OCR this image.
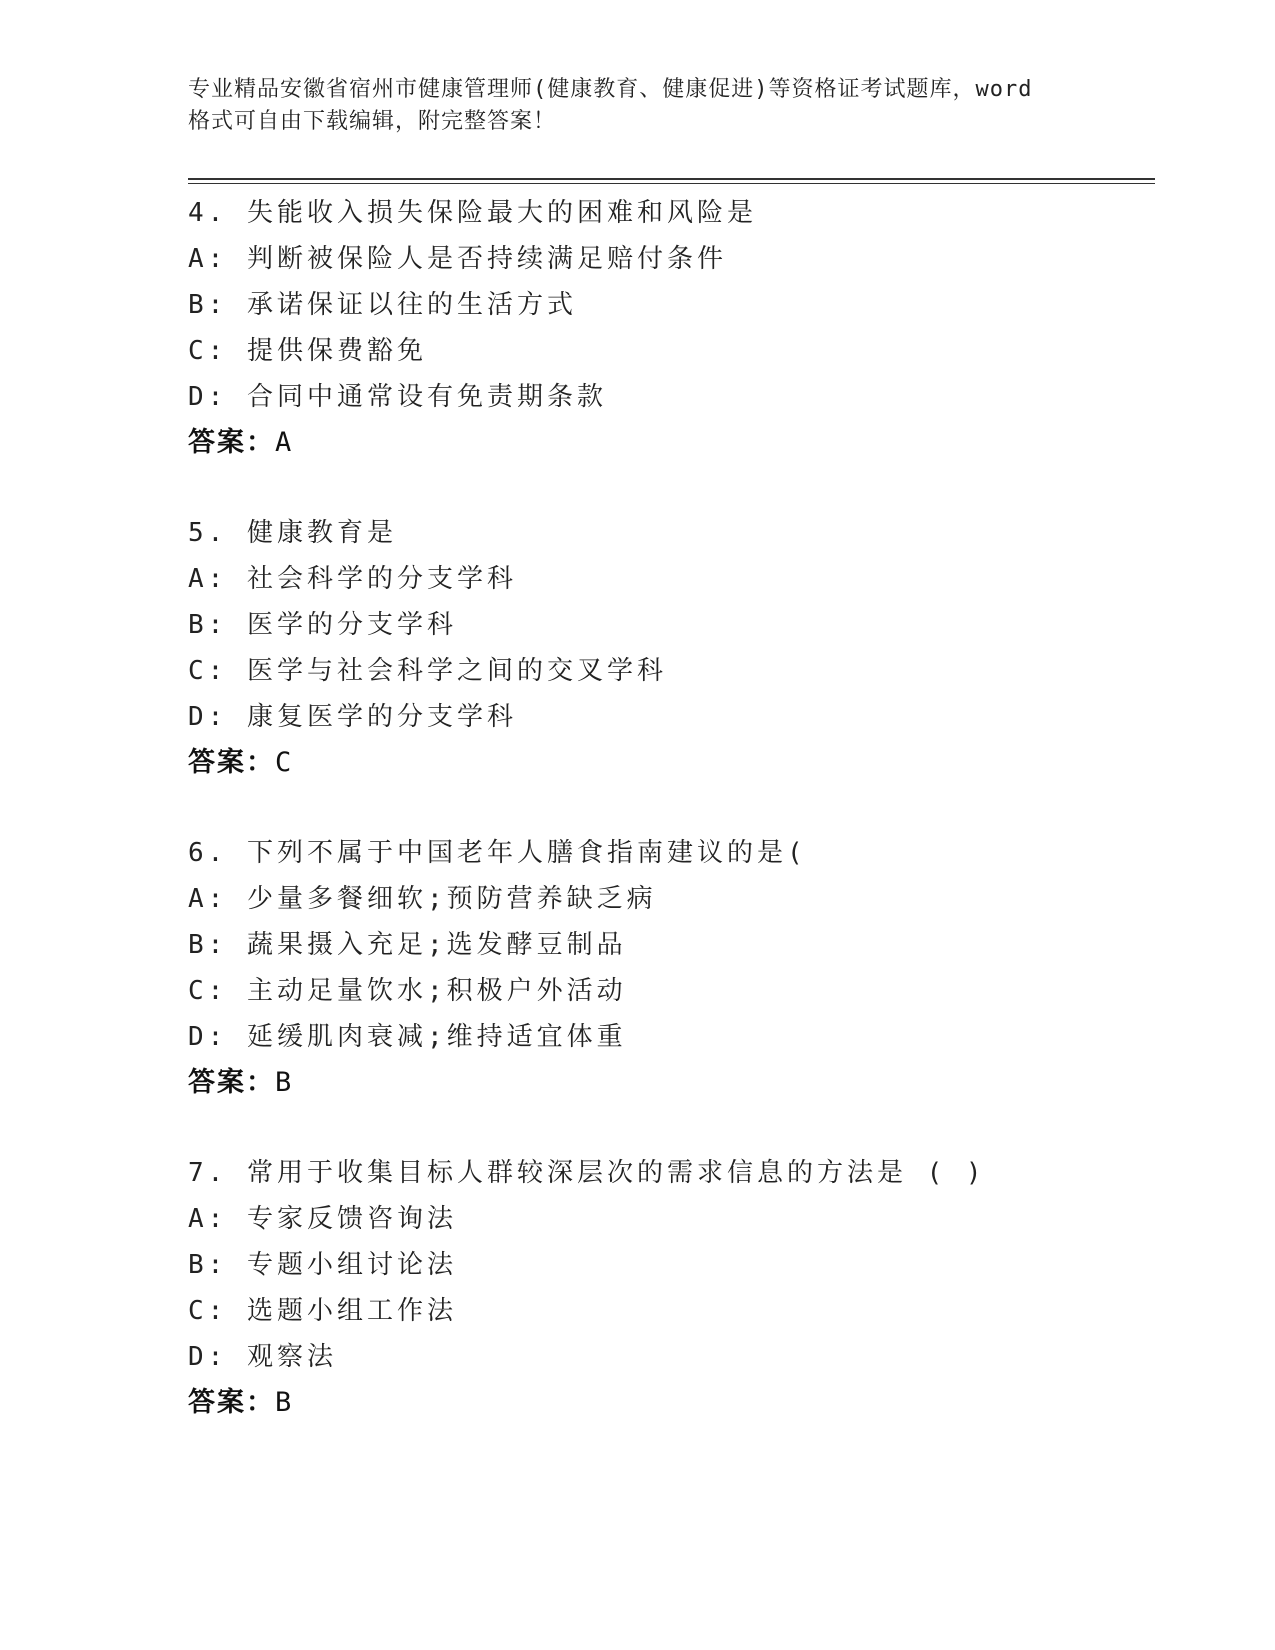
专业精品安徽省宿州市健康管理师(健康教育、健康促进)等资格证考试题库，word
格式可自由下载编辑，附完整答案！
4. 失能收入损失保险最大的困难和风险是
A: 判断被保险人是否持续满足赔付条件
B: 承诺保证以往的生活方式
C: 提供保费豁免
D: 合同中通常设有免责期条款
答案：A
5. 健康教育是
A: 社会科学的分支学科
B: 医学的分支学科
C: 医学与社会科学之间的交叉学科
D: 康复医学的分支学科
答案：C
6. 下列不属于中国老年人膳食指南建议的是(
A: 少量多餐细软;预防营养缺乏病
B: 蔬果摄入充足;选发酵豆制品
C: 主动足量饮水;积极户外活动
D: 延缓肌肉衰减;维持适宜体重
答案：B
7. 常用于收集目标人群较深层次的需求信息的方法是 ( )
A: 专家反馈咨询法
B: 专题小组讨论法
C: 选题小组工作法
D: 观察法
答案：B
